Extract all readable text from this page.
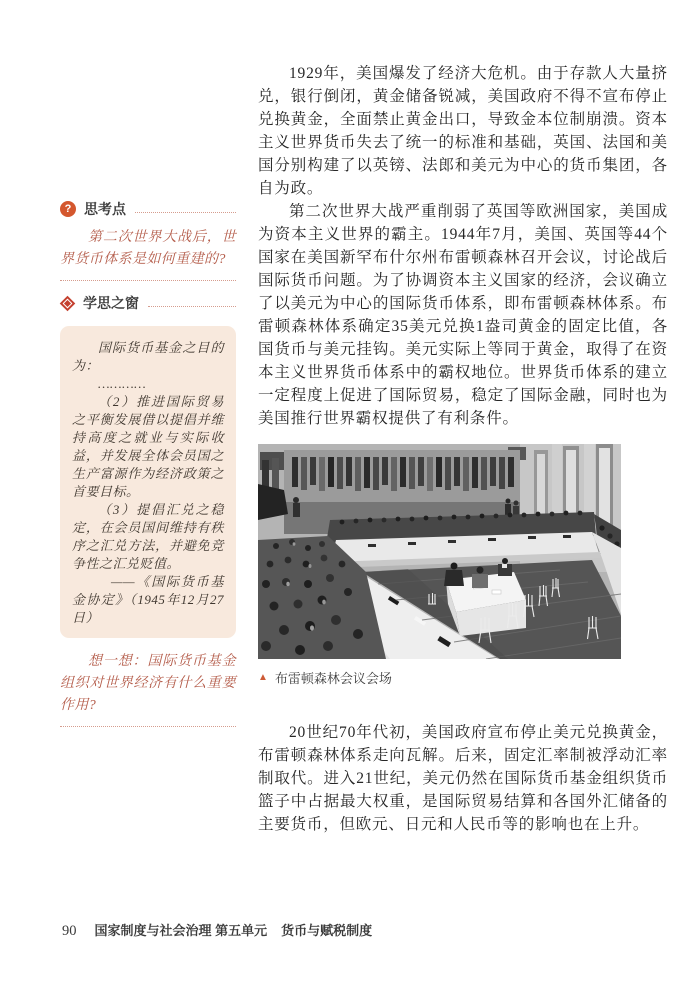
? 思考点

第二次世界大战后，世界货币体系是如何重建的?

学思之窗

国际货币基金之目的为：

…………

（2）推进国际贸易之平衡发展借以提倡并维持高度之就业与实际收益，并发展全体会员国之生产富源作为经济政策之首要目标。

（3）提倡汇兑之稳定，在会员国间维持有秩序之汇兑方法，并避免竞争性之汇兑贬值。

——《国际货币基金协定》（1945年12月27日）

想一想：国际货币基金组织对世界经济有什么重要作用?

1929年，美国爆发了经济大危机。由于存款人大量挤兑，银行倒闭，黄金储备锐减，美国政府不得不宣布停止兑换黄金，全面禁止黄金出口，导致金本位制崩溃。资本主义世界货币失去了统一的标准和基础，英国、法国和美国分别构建了以英镑、法郎和美元为中心的货币集团，各自为政。

第二次世界大战严重削弱了英国等欧洲国家，美国成为资本主义世界的霸主。1944年7月，美国、英国等44个国家在美国新罕布什尔州布雷顿森林召开会议，讨论战后国际货币问题。为了协调资本主义国家的经济，会议确立了以美元为中心的国际货币体系，即布雷顿森林体系。布雷顿森林体系确定35美元兑换1盎司黄金的固定比值，各国货币与美元挂钩。美元实际上等同于黄金，取得了在资本主义世界货币体系中的霸权地位。世界货币体系的建立一定程度上促进了国际贸易，稳定了国际金融，同时也为美国推行世界霸权提供了有利条件。

▲ 布雷顿森林会议会场

20世纪70年代初，美国政府宣布停止美元兑换黄金，布雷顿森林体系走向瓦解。后来，固定汇率制被浮动汇率制取代。进入21世纪，美元仍然在国际货币基金组织货币篮子中占据最大权重，是国际贸易结算和各国外汇储备的主要货币，但欧元、日元和人民币等的影响也在上升。

90 国家制度与社会治理 第五单元 货币与赋税制度
